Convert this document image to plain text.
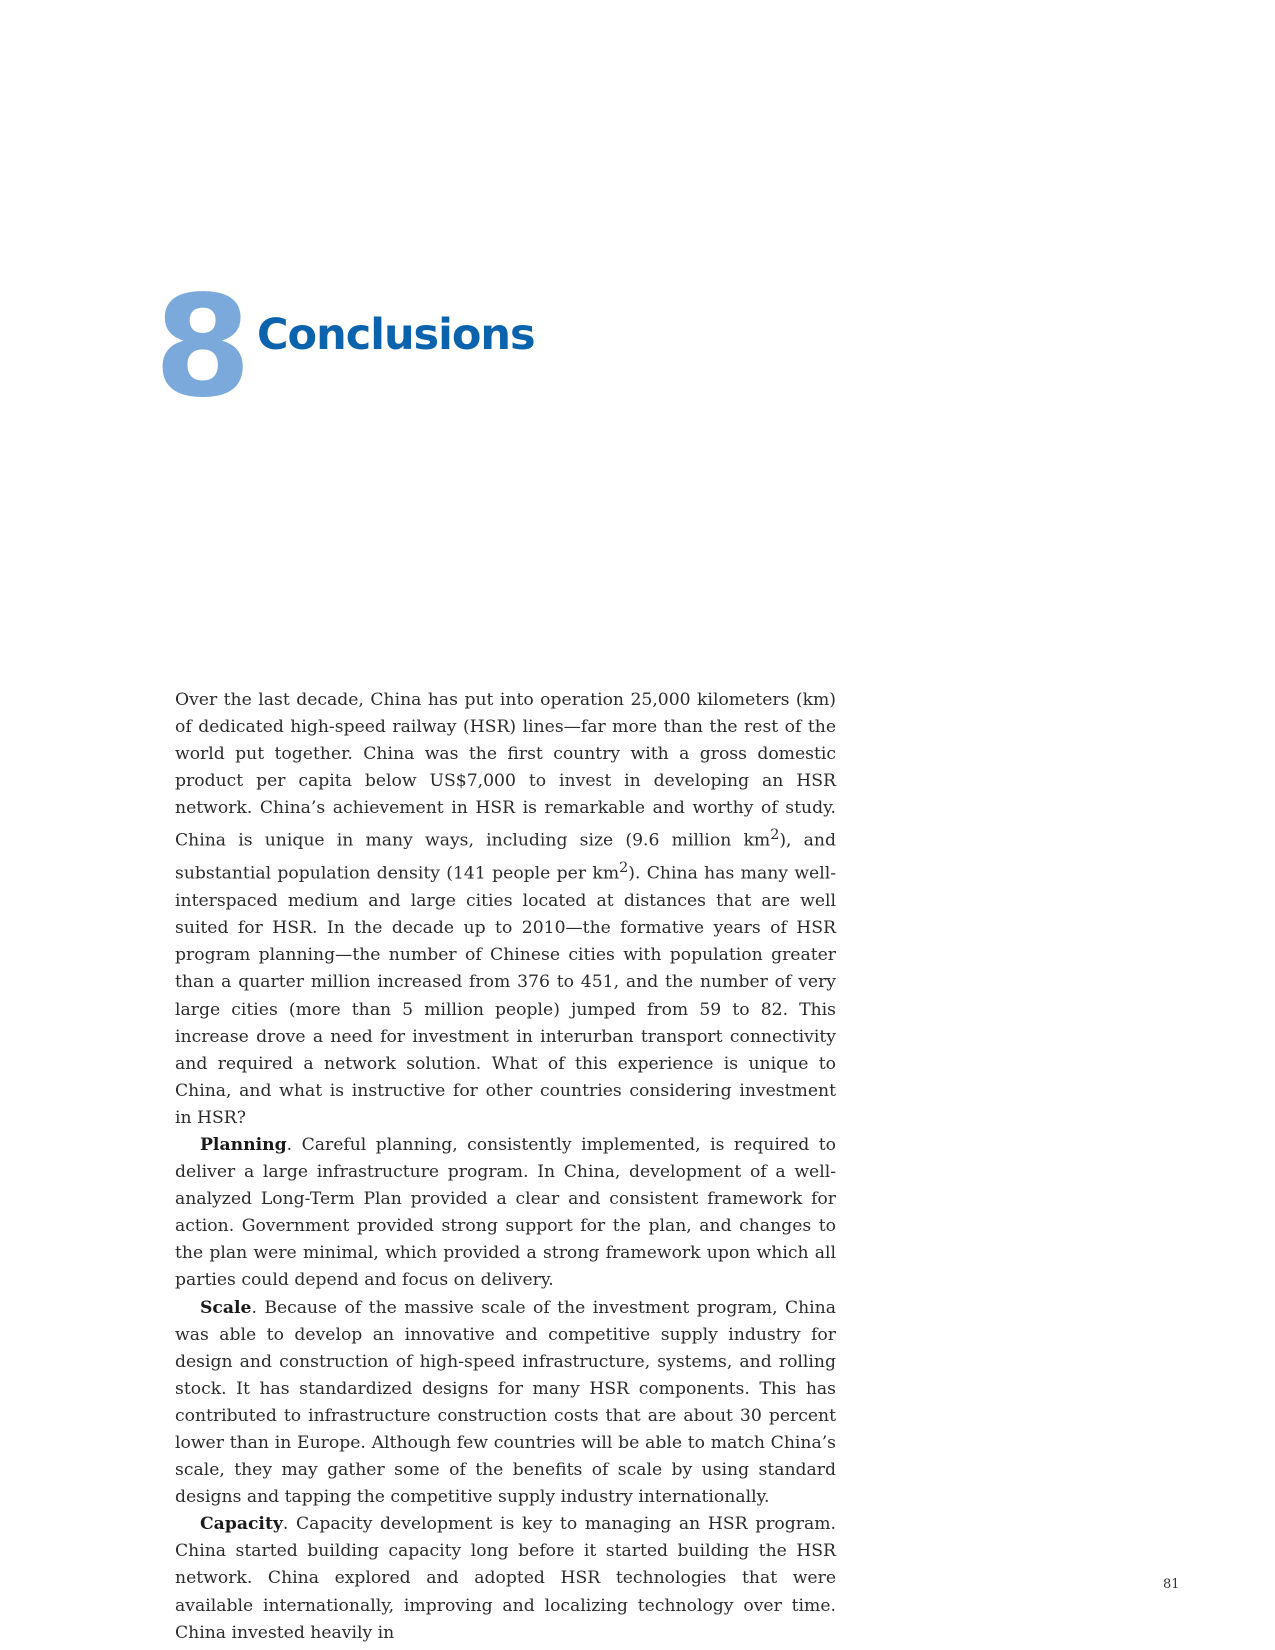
8 Conclusions

Over the last decade, China has put into operation 25,000 kilometers (km) of dedicated high-speed railway (HSR) lines—far more than the rest of the world put together. China was the first country with a gross domestic product per capita below US$7,000 to invest in developing an HSR network. China’s achievement in HSR is remarkable and worthy of study. China is unique in many ways, including size (9.6 million $km^2$), and substantial population density (141 people per $km^2$). China has many well-interspaced medium and large cities located at distances that are well suited for HSR. In the decade up to 2010—the formative years of HSR program planning—the number of Chinese cities with population greater than a quarter million increased from 376 to 451, and the number of very large cities (more than 5 million people) jumped from 59 to 82. This increase drove a need for investment in interurban transport connectivity and required a network solution. What of this experience is unique to China, and what is instructive for other countries considering investment in HSR?

Planning. Careful planning, consistently implemented, is required to deliver a large infrastructure program. In China, development of a well-analyzed Long-Term Plan provided a clear and consistent framework for action. Government provided strong support for the plan, and changes to the plan were minimal, which provided a strong framework upon which all parties could depend and focus on delivery.

Scale. Because of the massive scale of the investment program, China was able to develop an innovative and competitive supply industry for design and construction of high-speed infrastructure, systems, and rolling stock. It has standardized designs for many HSR components. This has contributed to infrastructure construction costs that are about 30 percent lower than in Europe. Although few countries will be able to match China’s scale, they may gather some of the benefits of scale by using standard designs and tapping the competitive supply industry internationally.

Capacity. Capacity development is key to managing an HSR program. China started building capacity long before it started building the HSR network. China explored and adopted HSR technologies that were available internationally, improving and localizing technology over time. China invested heavily in

81
